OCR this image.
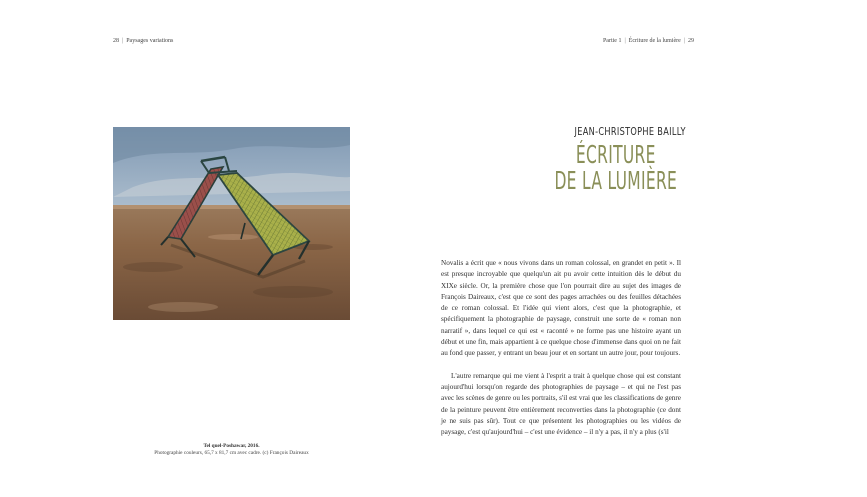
28 | Paysages variations
Tel quel-Poshawar, 2016.
Photographie couleurs, 65,7 x 81,7 cm avec cadre. (c) François Daireaux
Partie 1 | Écriture de la lumière | 29
JEAN-CHRISTOPHE BAILLY
ÉCRITURE
DE LA LUMIÈRE

Novalis a écrit que « nous vivons dans un roman colossal, en grandet en petit ». Il est presque incroyable que quelqu'un ait pu avoir cette intuition dès le début du XIXe siècle. Or, la première chose que l'on pourrait dire au sujet des images de François Daireaux, c'est que ce sont des pages arrachées ou des feuilles détachées de ce roman colossal. Et l'idée qui vient alors, c'est que la photographie, et spécifiquement la photographie de paysage, construit une sorte de « roman non narratif », dans lequel ce qui est « raconté » ne forme pas une histoire ayant un début et une fin, mais appartient à ce quelque chose d'immense dans quoi on ne fait au fond que passer, y entrant un beau jour et en sortant un autre jour, pour toujours.

L'autre remarque qui me vient à l'esprit a trait à quelque chose qui est constant aujourd'hui lorsqu'on regarde des photographies de paysage – et qui ne l'est pas avec les scènes de genre ou les portraits, s'il est vrai que les classifications de genre de la peinture peuvent être entièrement reconverties dans la photographie (ce dont je ne suis pas sûr). Tout ce que présentent les photographies ou les vidéos de paysage, c'est qu'aujourd'hui – c'est une évidence – il n'y a pas, il n'y a plus (s'il
